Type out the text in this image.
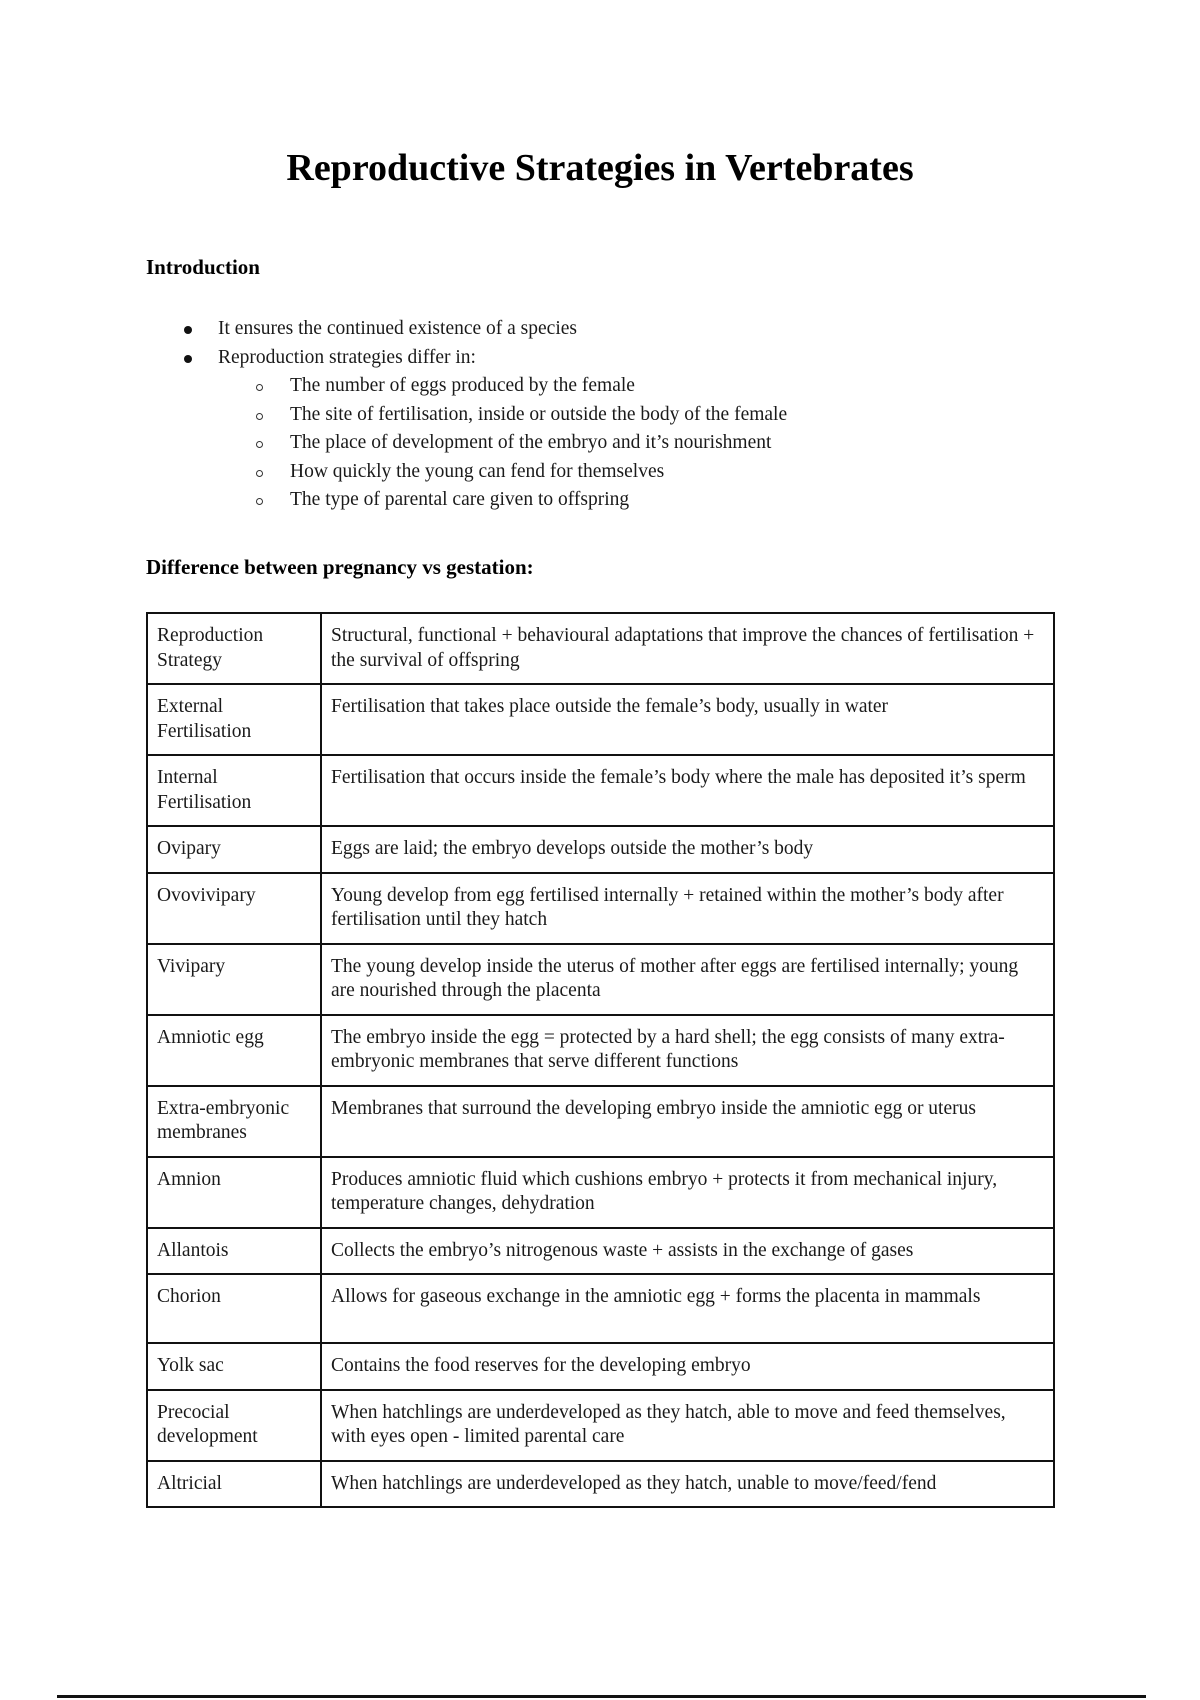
Reproductive Strategies in Vertebrates
Introduction
It ensures the continued existence of a species
Reproduction strategies differ in:
The number of eggs produced by the female
The site of fertilisation, inside or outside the body of the female
The place of development of the embryo and it’s nourishment
How quickly the young can fend for themselves
The type of parental care given to offspring
Difference between pregnancy vs gestation:
Reproduction Strategy	Structural, functional + behavioural adaptations that improve the chances of fertilisation + the survival of offspring
External Fertilisation	Fertilisation that takes place outside the female’s body, usually in water
Internal Fertilisation	Fertilisation that occurs inside the female’s body where the male has deposited it’s sperm
Ovipary	Eggs are laid; the embryo develops outside the mother’s body
Ovovivipary	Young develop from egg fertilised internally + retained within the mother’s body after fertilisation until they hatch
Vivipary	The young develop inside the uterus of mother after eggs are fertilised internally; young are nourished through the placenta
Amniotic egg	The embryo inside the egg = protected by a hard shell; the egg consists of many extra-embryonic membranes that serve different functions
Extra-embryonic membranes	Membranes that surround the developing embryo inside the amniotic egg or uterus
Amnion	Produces amniotic fluid which cushions embryo + protects it from mechanical injury, temperature changes, dehydration
Allantois	Collects the embryo’s nitrogenous waste + assists in the exchange of gases
Chorion	Allows for gaseous exchange in the amniotic egg + forms the placenta in mammals
Yolk sac	Contains the food reserves for the developing embryo
Precocial development	When hatchlings are underdeveloped as they hatch, able to move and feed themselves, with eyes open - limited parental care
Altricial	When hatchlings are underdeveloped as they hatch, unable to move/feed/fend
